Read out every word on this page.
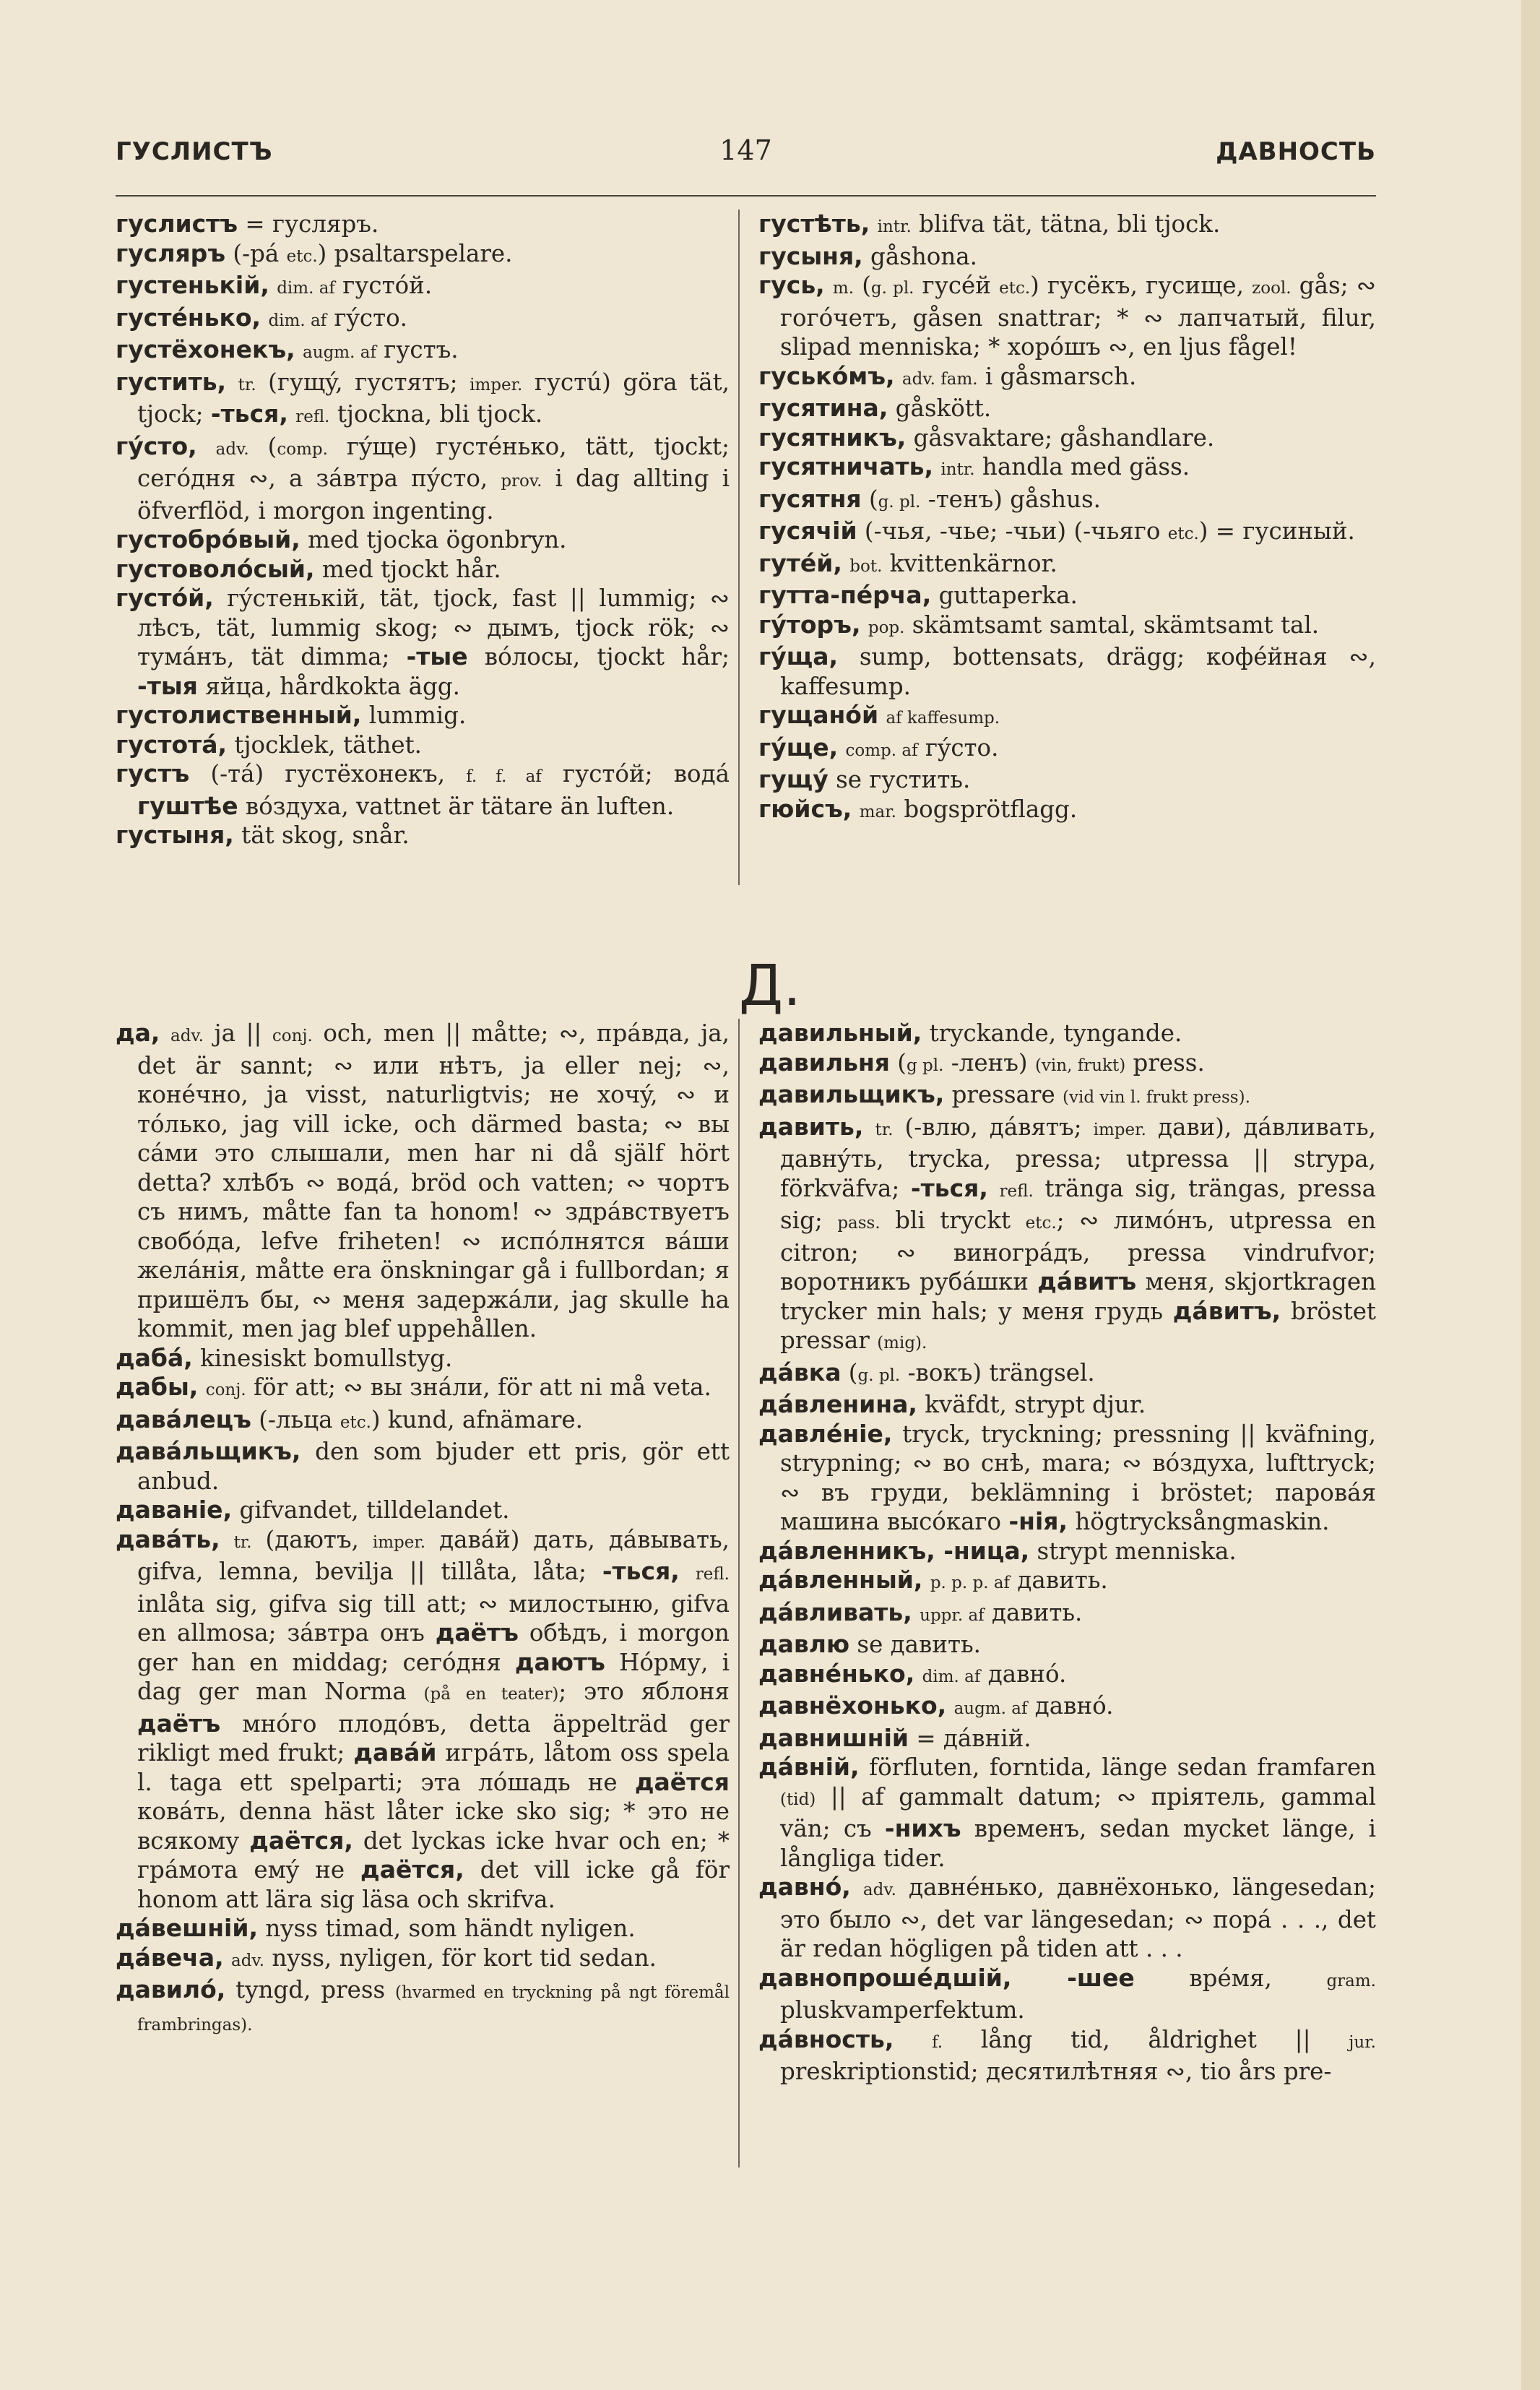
ГУСЛИСТЪ	147	ДАВНОСТЬ
гуслистъ = гусляръ.
гусляръ (-рá etc.) psaltarspelare.
густенькій, dim. af густóй.
густéнько, dim. af гýсто.
густёхонекъ, augm. af густъ.
густить, tr. (гущý, густятъ; imper. густú) göra tät, tjock; -ться, refl. tjockna, bli tjock.
гýсто, adv. (comp. гýще) густéнько, tätt, tjockt; сегóдня ∾, а зáвтра пýсто, prov. i dag allting i öfverflöd, i morgon ingenting.
густобрóвый, med tjocka ögonbryn.
густоволóсый, med tjockt hår.
густóй, гýстенькій, tät, tjock, fast || lummig; ∾ лѣсъ, tät, lummig skog; ∾ дымъ, tjock rök; ∾ тумáнъ, tät dimma; -тые вóлосы, tjockt hår; -тыя яйца, hårdkokta ägg.
густолиственный, lummig.
густотá, tjocklek, täthet.
густъ (-тá) густёхонекъ, f. f. af густóй; водá гуштѣе вóздуха, vattnet är tätare än luften.
густыня, tät skog, snår.
густѣть, intr. blifva tät, tätna, bli tjock.
гусыня, gåshona.
гусь, m. (g. pl. гусéй etc.) гусёкъ, гусище, zool. gås; ∾ гогóчетъ, gåsen snattrar; * ∾ лапчатый, filur, slipad menniska; * хорóшъ ∾, en ljus fågel!
гуськóмъ, adv. fam. i gåsmarsch.
гусятина, gåskött.
гусятникъ, gåsvaktare; gåshandlare.
гусятничать, intr. handla med gäss.
гусятня (g. pl. -тенъ) gåshus.
гусячій (-чья, -чье; -чьи) (-чьяго etc.) = гусиный.
гутéй, bot. kvittenkärnor.
гутта-пéрча, guttaperka.
гýторъ, pop. skämtsamt samtal, skämtsamt tal.
гýща, sump, bottensats, drägg; кофéйная ∾, kaffesump.
гущанóй af kaffesump.
гýще, comp. af гýсто.
гущý se густить.
гюйсъ, mar. bogsprötflagg.
Д.
да, adv. ja || conj. och, men || måtte; ∾, прáвда, ja, det är sannt; ∾ или нѣтъ, ja eller nej; ∾, конéчно, ja visst, naturligtvis; не хочý, ∾ и тóлько, jag vill icke, och därmed basta; ∾ вы сáми это слышали, men har ni då själf hört detta? хлѣбъ ∾ водá, bröd och vatten; ∾ чортъ съ нимъ, måtte fan ta honom! ∾ здрáвствуетъ свобóда, lefve friheten! ∾ испóлнятся вáши желáнія, måtte era önskningar gå i fullbordan; я пришёлъ бы, ∾ меня задержáли, jag skulle ha kommit, men jag blef uppehållen.
дабá, kinesiskt bomullstyg.
дабы, conj. för att; ∾ вы знáли, för att ni må veta.
давáлецъ (-льца etc.) kund, afnämare.
давáльщикъ, den som bjuder ett pris, gör ett anbud.
даваніе, gifvandet, tilldelandet.
давáть, tr. (даютъ, imper. давáй) дать, дáвывать, gifva, lemna, bevilja || tillåta, låta; -ться, refl. inlåta sig, gifva sig till att; ∾ милостыню, gifva en allmosa; зáвтра онъ даётъ обѣдъ, i morgon ger han en middag; сегóдня даютъ Нóрму, i dag ger man Norma (på en teater); это яблоня даётъ мнóго плодóвъ, detta äppelträd ger rikligt med frukt; давáй игрáть, låtom oss spela l. taga ett spelparti; эта лóшадь не даётся ковáть, denna häst låter icke sko sig; * это не всякому даётся, det lyckas icke hvar och en; * грáмота емý не даётся, det vill icke gå för honom att lära sig läsa och skrifva.
дáвешній, nyss timad, som händt nyligen.
дáвеча, adv. nyss, nyligen, för kort tid sedan.
давилó, tyngd, press (hvarmed en tryckning på ngt föremål frambringas).
давильный, tryckande, tyngande.
давильня (g pl. -ленъ) (vin, frukt) press.
давильщикъ, pressare (vid vin l. frukt press).
давить, tr. (-влю, дáвятъ; imper. дави), дáвливать, давнýть, trycka, pressa; utpressa || strypa, förkväfva; -ться, refl. tränga sig, trängas, pressa sig; pass. bli tryckt etc.; ∾ лимóнъ, utpressa en citron; ∾ виногрáдъ, pressa vindrufvor; воротникъ рубáшки дáвитъ меня, skjortkragen trycker min hals; у меня грудь дáвитъ, bröstet pressar (mig).
дáвка (g. pl. -вокъ) trängsel.
дáвленина, kväfdt, strypt djur.
давлéніе, tryck, tryckning; pressning || kväfning, strypning; ∾ во снѣ, mara; ∾ вóздуха, lufttryck; ∾ въ груди, beklämning i bröstet; паровáя машина высóкаго -нія, högtrycksångmaskin.
дáвленникъ, -ница, strypt menniska.
дáвленный, p. p. p. af давить.
дáвливать, uppr. af давить.
давлю se давить.
давнéнько, dim. af давнó.
давнёхонько, augm. af давнó.
давнишній = дáвній.
дáвній, förfluten, forntida, länge sedan framfaren (tid) || af gammalt datum; ∾ пріятель, gammal vän; съ -нихъ временъ, sedan mycket länge, i långliga tider.
давнó, adv. давнéнько, давнёхонько, längesedan; это было ∾, det var längesedan; ∾ порá . . ., det är redan högligen på tiden att . . .
давнопрошéдшій, -шее врéмя, gram. pluskvamperfektum.
дáвность, f. lång tid, åldrighet || jur. preskriptionstid; десятилѣтняя ∾, tio års pre-
